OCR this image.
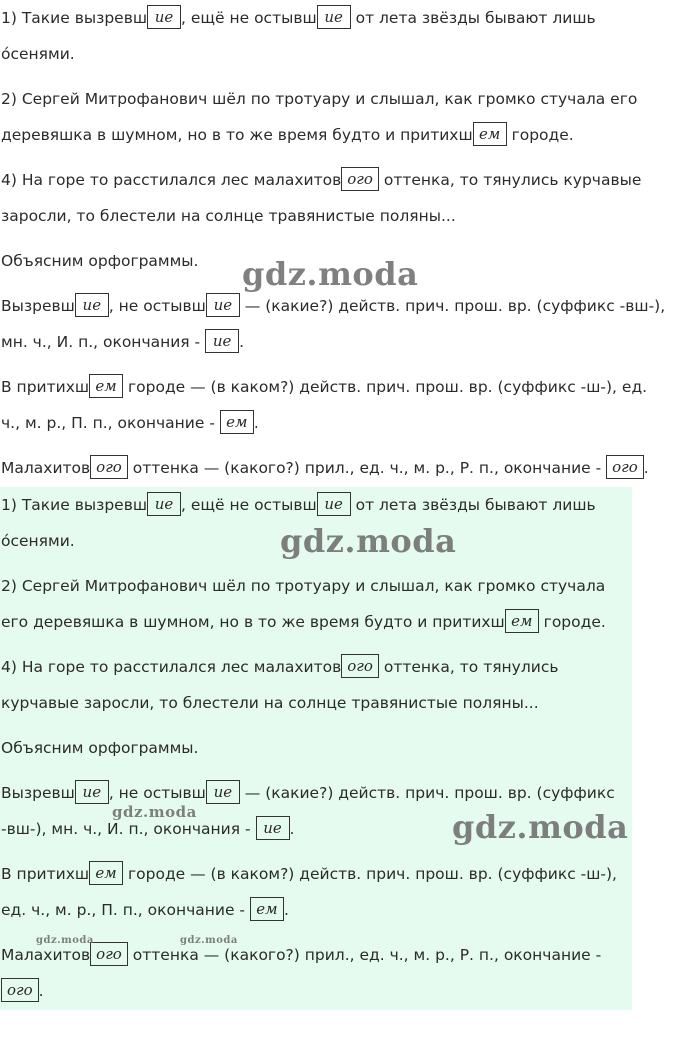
1) Такие вызревш ие , ещё не остывш ие от лета звёзды бывают лишь о́сенями.

2) Сергей Митрофанович шёл по тротуару и слышал, как громко стучала его деревяшка в шумном, но в то же время будто и притихш ем городе.

4) На горе то расстилался лес малахитов ого оттенка, то тянулись курчавые заросли, то блестели на солнце травянистые поляны...

Объясним орфограммы.

Вызревш ие , не остывш ие — (какие?) действ. прич. прош. вр. (суффикс -вш-), мн. ч., И. п., окончания - ие .

В притихш ем городе — (в каком?) действ. прич. прош. вр. (суффикс -ш-), ед. ч., м. р., П. п., окончание - ем .

Малахитов ого оттенка — (какого?) прил., ед. ч., м. р., Р. п., окончание - ого .

1) Такие вызревш ие , ещё не остывш ие от лета звёзды бывают лишь о́сенями.

2) Сергей Митрофанович шёл по тротуару и слышал, как громко стучала его деревяшка в шумном, но в то же время будто и притихш ем городе.

4) На горе то расстилался лес малахитов ого оттенка, то тянулись курчавые заросли, то блестели на солнце травянистые поляны...

Объясним орфограммы.

Вызревш ие , не остывш ие — (какие?) действ. прич. прош. вр. (суффикс -вш-), мн. ч., И. п., окончания - ие .

В притихш ем городе — (в каком?) действ. прич. прош. вр. (суффикс -ш-), ед. ч., м. р., П. п., окончание - ем .

Малахитов ого оттенка — (какого?) прил., ед. ч., м. р., Р. п., окончание - ого .

gdz.moda
gdz.moda
gdz.moda	gdz.moda
gdz.moda	gdz.moda
